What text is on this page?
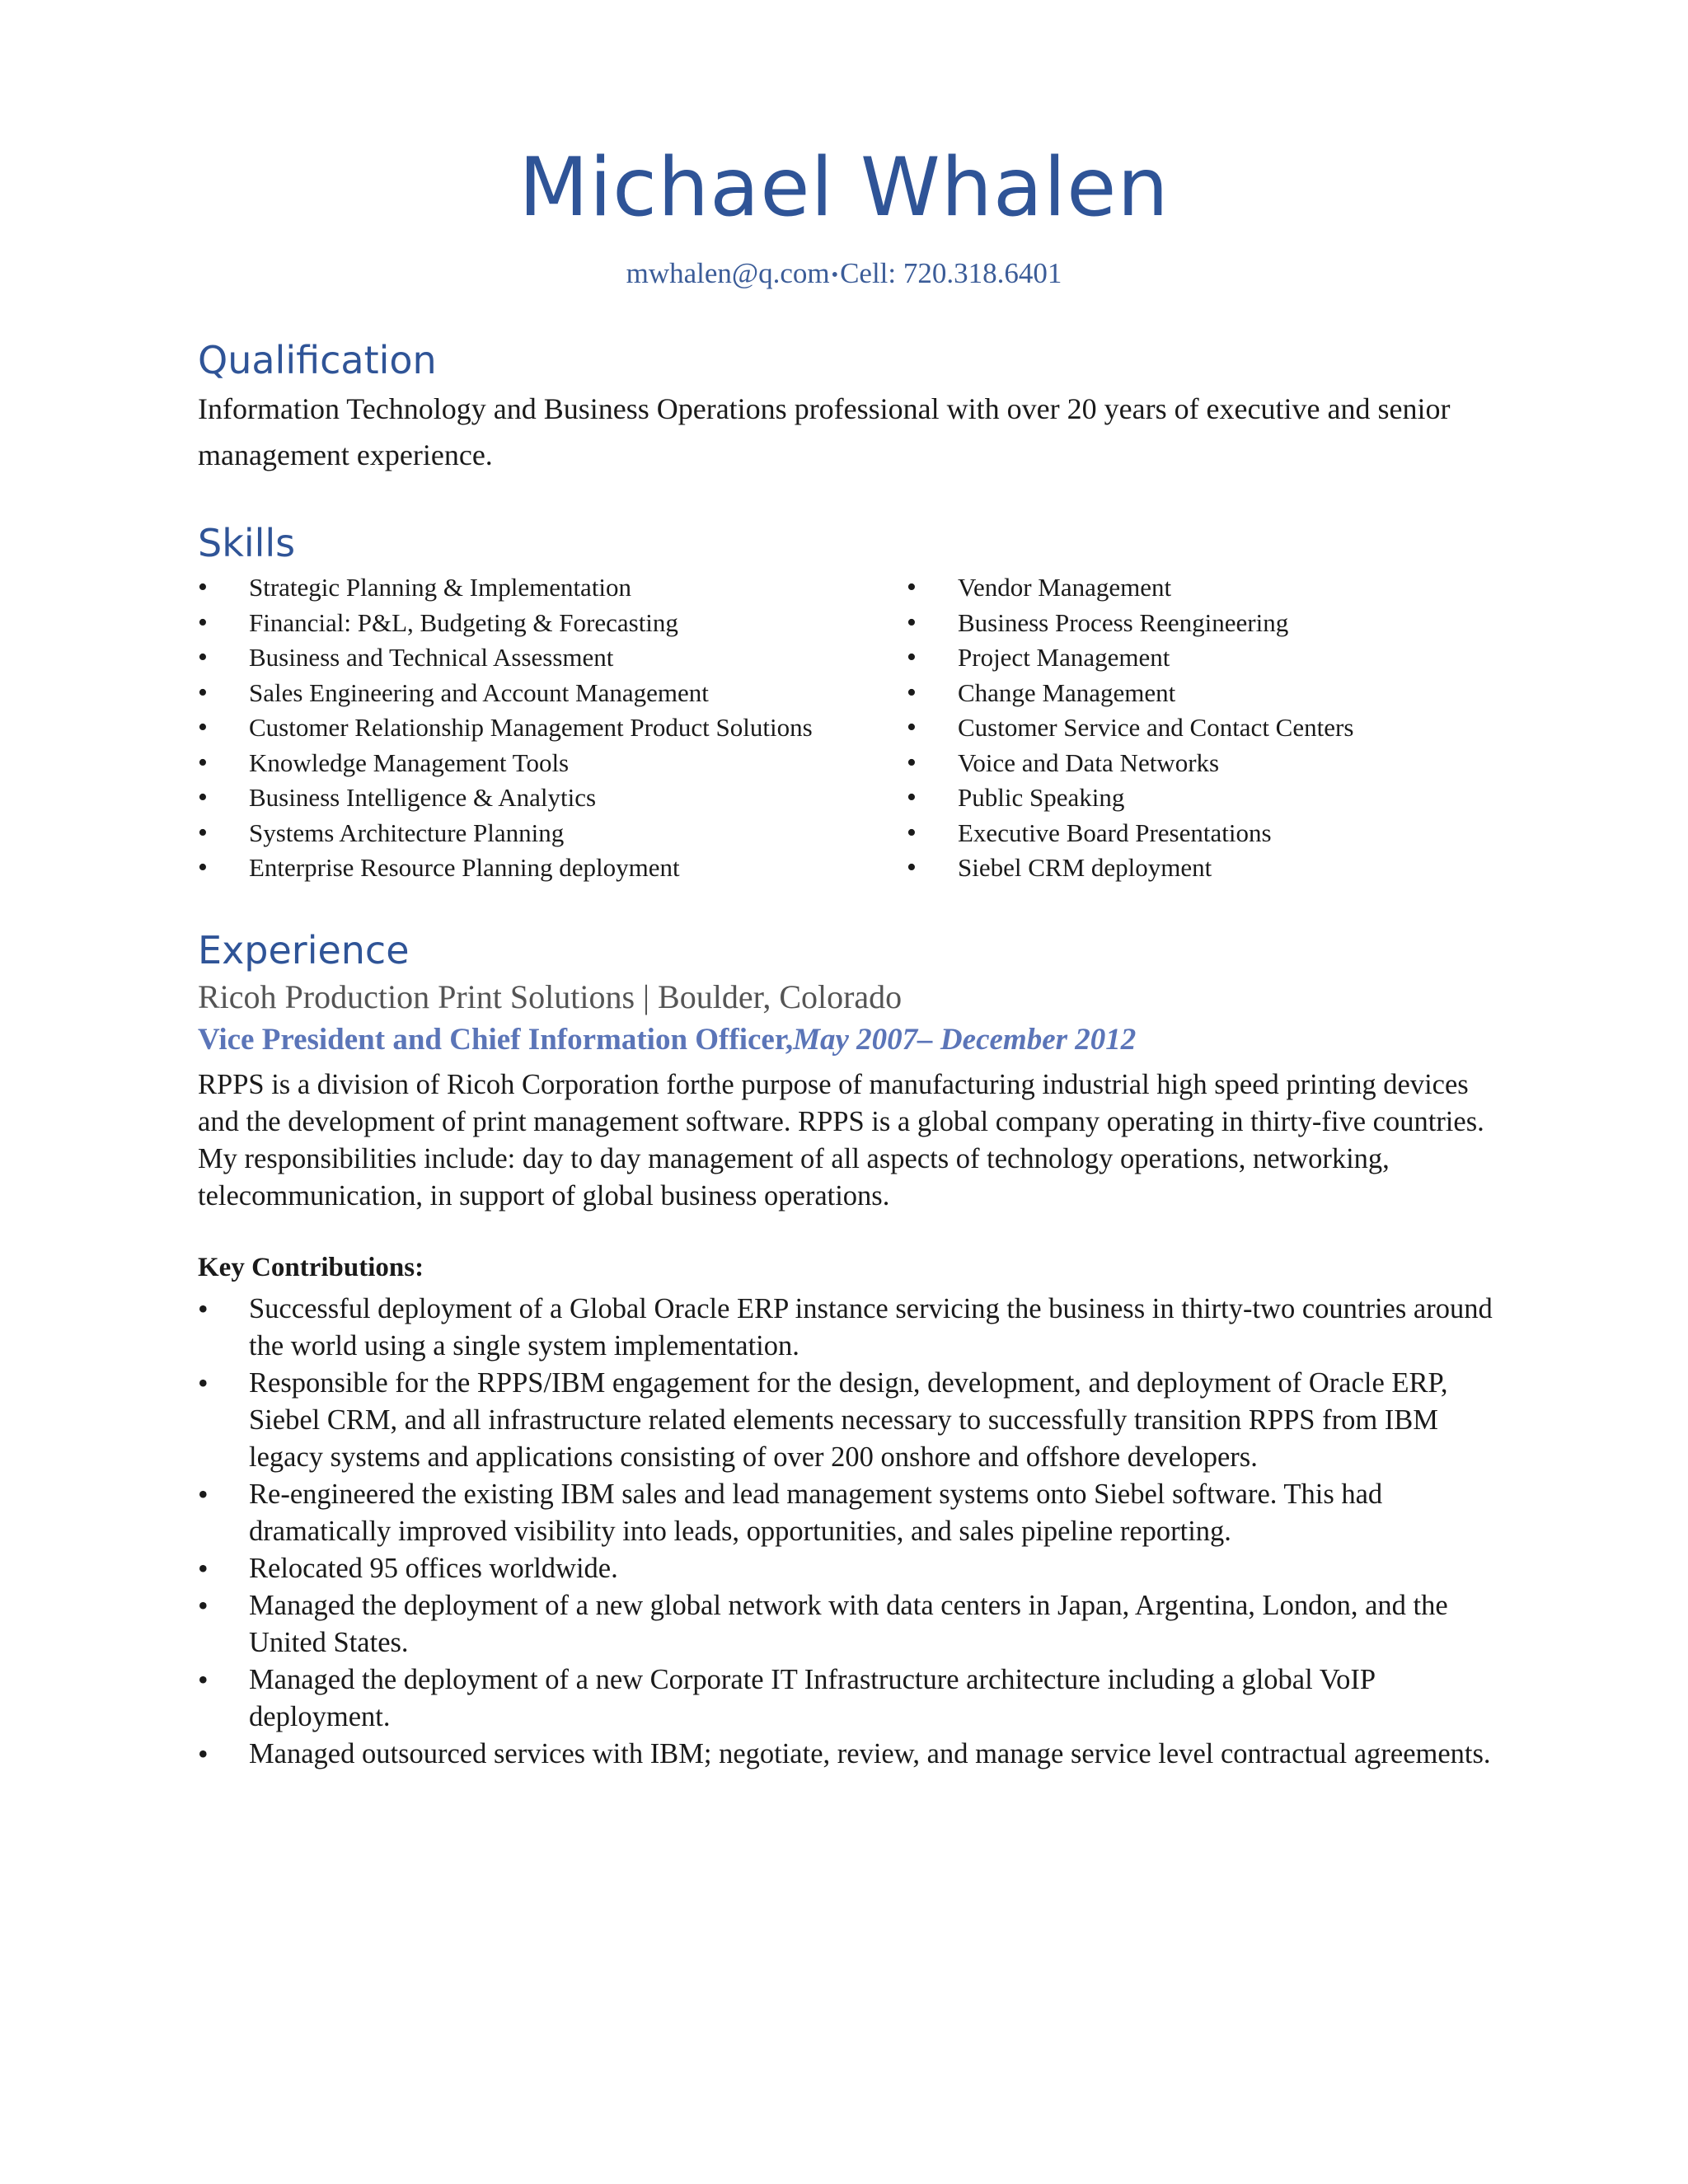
Michael Whalen
mwhalen@q.com•Cell: 720.318.6401
Qualification

Information Technology and Business Operations professional with over 20 years of executive and senior management experience.

Skills
• Strategic Planning & Implementation
• Financial: P&L, Budgeting & Forecasting
• Business and Technical Assessment
• Sales Engineering and Account Management
• Customer Relationship Management Product Solutions
• Knowledge Management Tools
• Business Intelligence & Analytics
• Systems Architecture Planning
• Enterprise Resource Planning deployment
• Vendor Management
• Business Process Reengineering
• Project Management
• Change Management
• Customer Service and Contact Centers
• Voice and Data Networks
• Public Speaking
• Executive Board Presentations
• Siebel CRM deployment
Experience
Ricoh Production Print Solutions | Boulder, Colorado

Vice President and Chief Information Officer,May 2007– December 2012

RPPS is a division of Ricoh Corporation forthe purpose of manufacturing industrial high speed printing devices and the development of print management software. RPPS is a global company operating in thirty-five countries. My responsibilities include: day to day management of all aspects of technology operations, networking, telecommunication, in support of global business operations.

Key Contributions:

• Successful deployment of a Global Oracle ERP instance servicing the business in thirty-two countries around the world using a single system implementation.
• Responsible for the RPPS/IBM engagement for the design, development, and deployment of Oracle ERP, Siebel CRM, and all infrastructure related elements necessary to successfully transition RPPS from IBM legacy systems and applications consisting of over 200 onshore and offshore developers.
• Re-engineered the existing IBM sales and lead management systems onto Siebel software. This had dramatically improved visibility into leads, opportunities, and sales pipeline reporting.
• Relocated 95 offices worldwide.
• Managed the deployment of a new global network with data centers in Japan, Argentina, London, and the United States.
• Managed the deployment of a new Corporate IT Infrastructure architecture including a global VoIP deployment.
• Managed outsourced services with IBM; negotiate, review, and manage service level contractual agreements.
